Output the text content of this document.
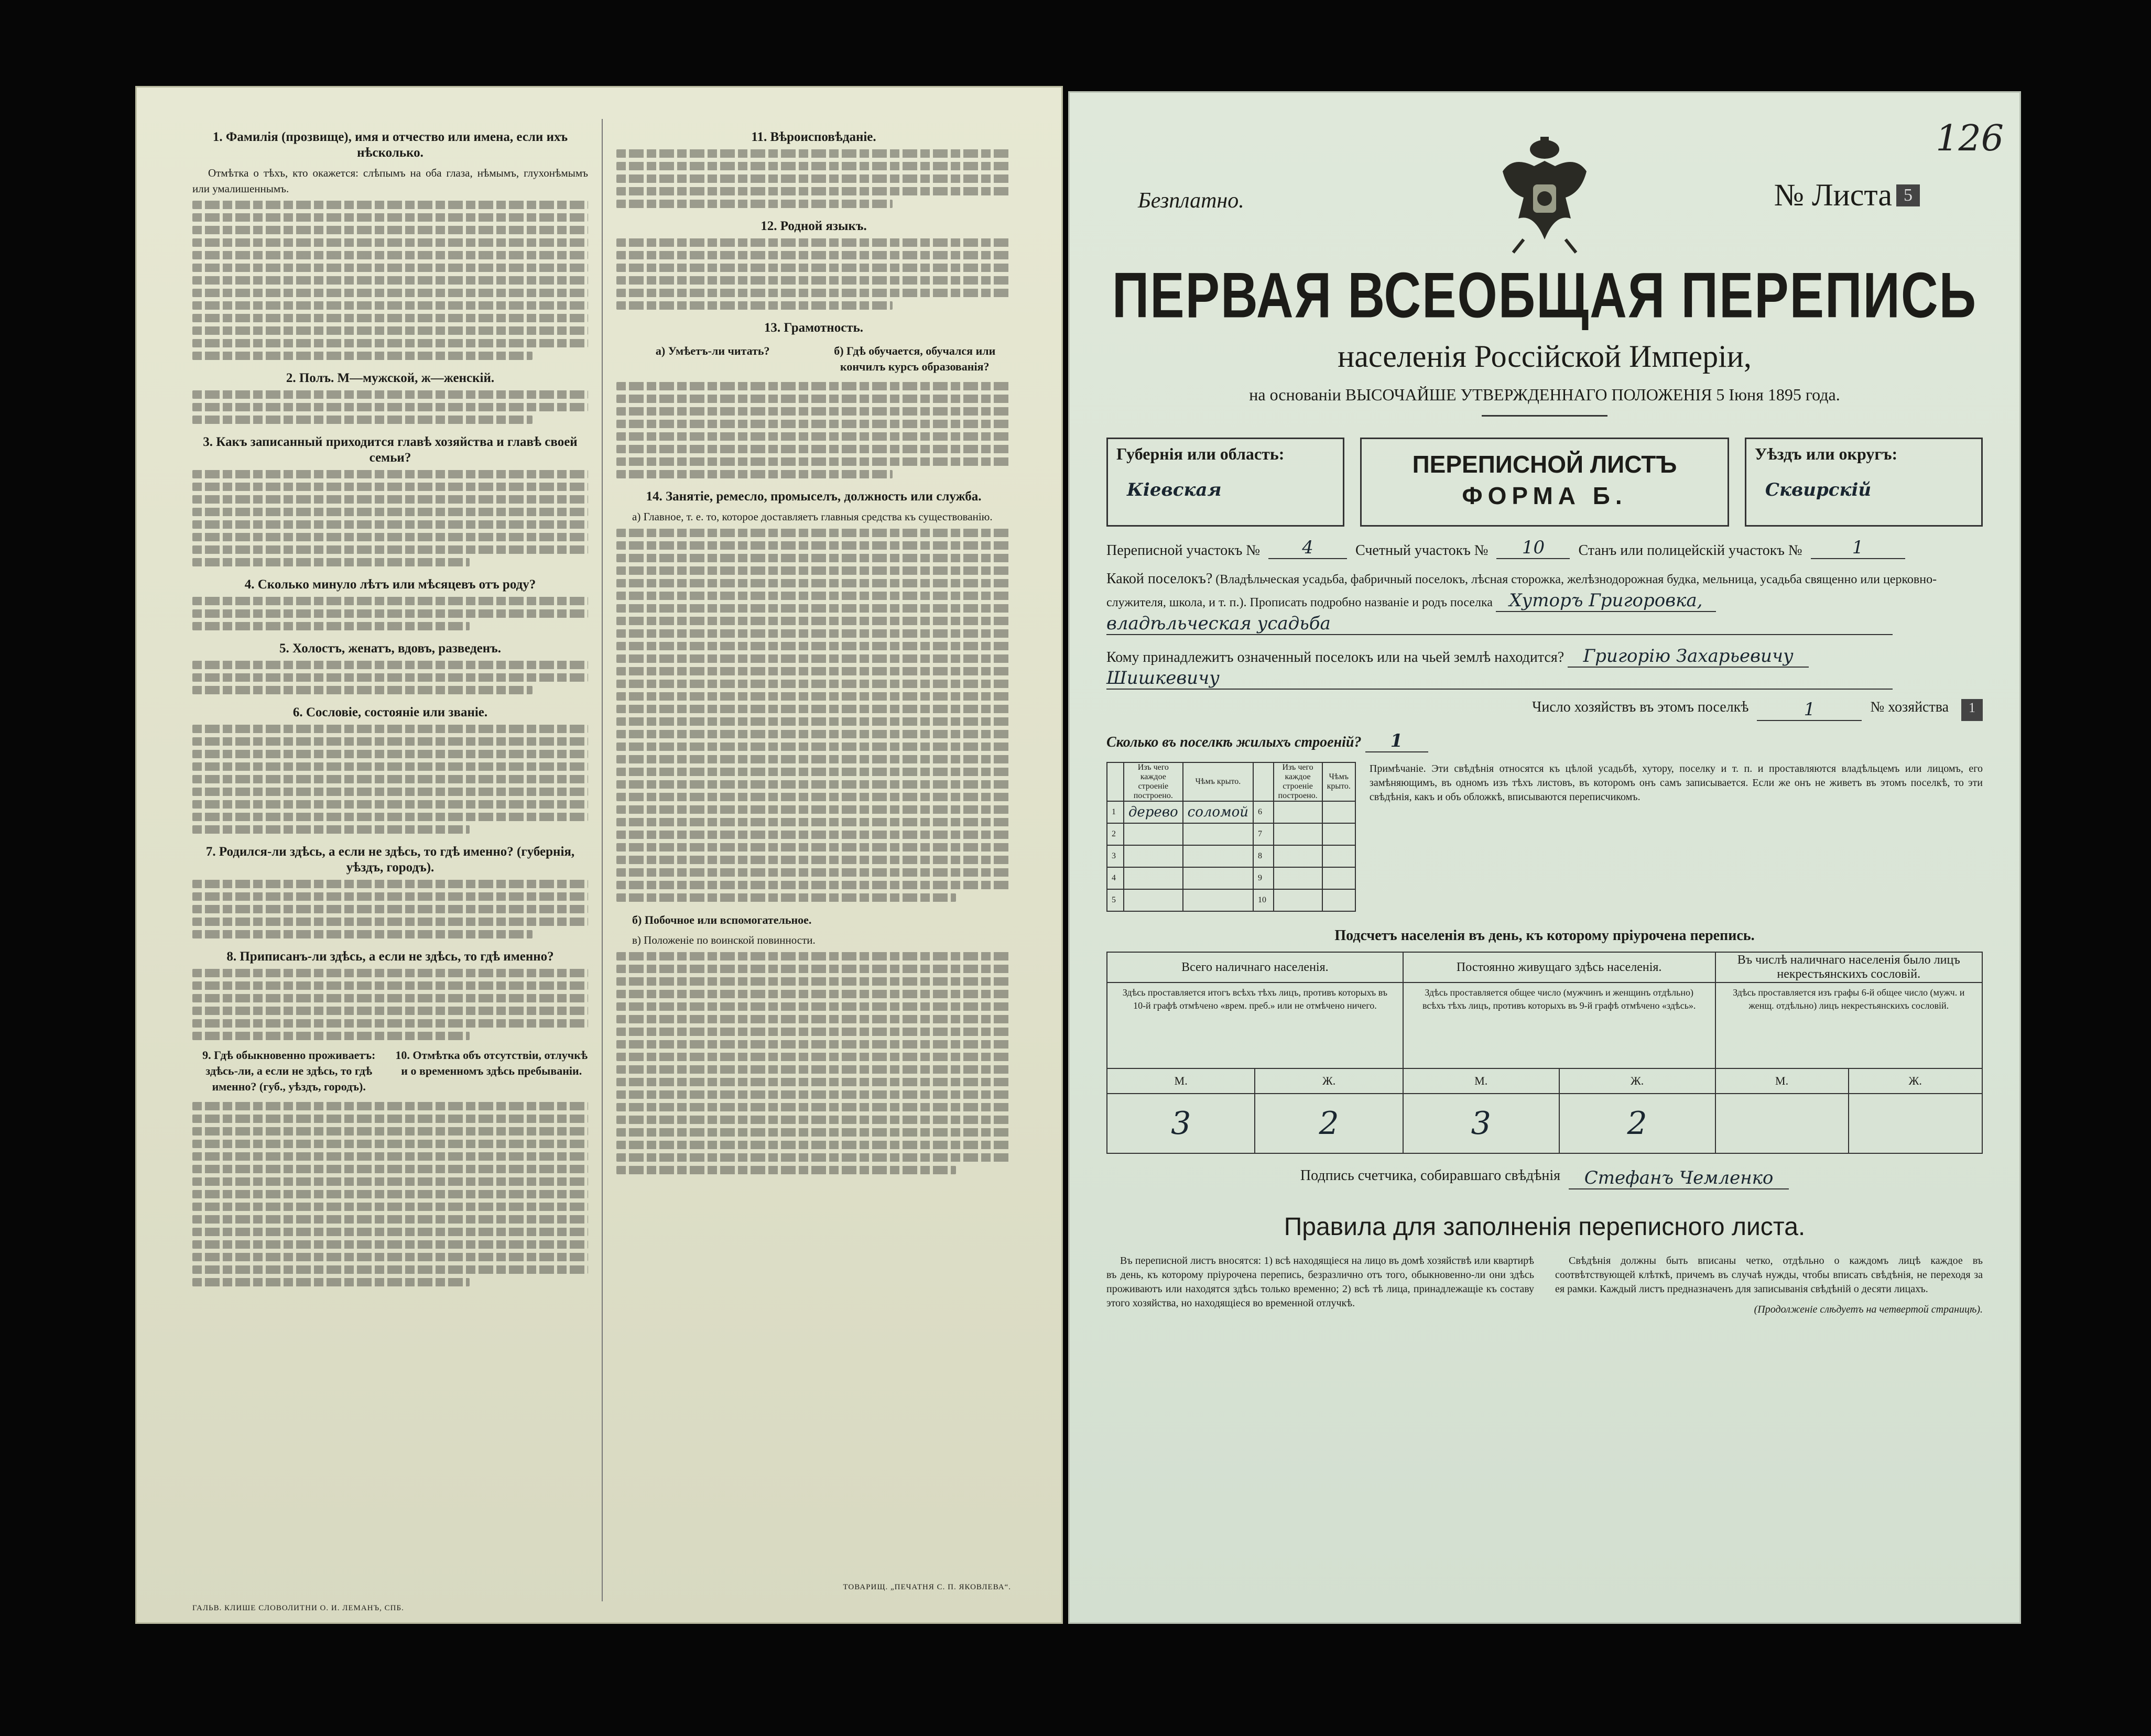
1. Фамилія (прозвище), имя и отчество или имена, если ихъ нѣсколько.
Отмѣтка о тѣхъ, кто окажется: слѣпымъ на оба глаза, нѣмымъ, глухонѣмымъ или умалишеннымъ.
2. Полъ. М—мужской, ж—женскій.
3. Какъ записанный приходится главѣ хозяйства и главѣ своей семьи?
4. Сколько минуло лѣтъ или мѣсяцевъ отъ роду?
5. Холостъ, женатъ, вдовъ, разведенъ.
6. Сословіе, состояніе или званіе.
7. Родился-ли здѣсь, а если не здѣсь, то гдѣ именно? (губернія, уѣздъ, городъ).
8. Приписанъ-ли здѣсь, а если не здѣсь, то гдѣ именно?
9. Гдѣ обыкновенно проживаетъ: здѣсь-ли, а если не здѣсь, то гдѣ именно? (губ., уѣздъ, городъ).
10. Отмѣтка объ отсутствіи, отлучкѣ и о временномъ здѣсь пребываніи.
ГАЛЬВ. КЛИШЕ СЛОВОЛИТНИ О. И. ЛЕМАНЪ, СПБ.
11. Вѣроисповѣданіе.
12. Родной языкъ.
13. Грамотность.
а) Умѣетъ-ли читать?	б) Гдѣ обучается, обучался или кончилъ курсъ образованія?
14. Занятіе, ремесло, промыселъ, должность или служба.
а) Главное, т. е. то, которое доставляетъ главныя средства къ существованію.
б) Побочное или вспомогательное.
в) Положеніе по воинской повинности.
ТОВАРИЩ. „ПЕЧАТНЯ С. П. ЯКОВЛЕВА“.
126
Безплатно.	№ Листа 5
ПЕРВАЯ ВСЕОБЩАЯ ПЕРЕПИСЬ
населенія Россійской Имперіи,
на основаніи ВЫСОЧАЙШЕ УТВЕРЖДЕННАГО ПОЛОЖЕНІЯ 5 Іюня 1895 года.
Губернія или область:
Кіевская
ПЕРЕПИСНОЙ ЛИСТЪ
ФОРМА Б.
Уѣздъ или округъ:
Сквирскій
Переписной участокъ №	4	Счетный участокъ №	10	Станъ или полицейскій участокъ №	1
Какой поселокъ? (Владѣльческая усадьба, фабричный поселокъ, лѣсная сторожка, желѣзнодорожная будка, мельница, усадьба священно или церковно-служителя, школа, и т. п.). Прописать подробно названіе и родъ поселка Хуторъ Григоровка,
владѣльческая усадьба
Кому принадлежитъ означенный поселокъ или на чьей землѣ находится? Григорію Захарьевичу
Шишкевичу
Число хозяйствъ въ этомъ поселкѣ	1	№ хозяйства	1
Сколько въ поселкѣ жилыхъ строеній? 1
	Изъ чего каждое строеніе построено.	Чѣмъ крыто.		Изъ чего каждое строеніе построено.	Чѣмъ крыто.
1	дерево	соломой	6		
2			7		
3			8		
4			9		
5			10		
Примѣчаніе. Эти свѣдѣнія относятся къ цѣлой усадьбѣ, хутору, поселку и т. п. и проставляются владѣльцемъ или лицомъ, его замѣняющимъ, въ одномъ изъ тѣхъ листовъ, въ которомъ онъ самъ записывается. Если же онъ не живетъ въ этомъ поселкѣ, то эти свѣдѣнія, какъ и объ обложкѣ, вписываются переписчикомъ.
Подсчетъ населенія въ день, къ которому пріурочена перепись.
Всего наличнаго населенія.		Постоянно живущаго здѣсь населенія.		Въ числѣ наличнаго населенія было лицъ некрестьянскихъ сословій.	
Здѣсь проставляется итогъ всѣхъ тѣхъ лицъ, противъ которыхъ въ 10-й графѣ отмѣчено «врем. преб.» или не отмѣчено ничего.		Здѣсь проставляется общее число (мужчинъ и женщинъ отдѣльно) всѣхъ тѣхъ лицъ, противъ которыхъ въ 9-й графѣ отмѣчено «здѣсь».		Здѣсь проставляется изъ графы 6-й общее число (мужч. и женщ. отдѣльно) лицъ некрестьянскихъ сословій.	
М.	Ж.	М.	Ж.	М.	Ж.
3	2	3	2		
Подпись счетчика, собиравшаго свѣдѣнія	Стефанъ Чемленко
Правила для заполненія переписного листа.
Въ переписной листъ вносятся: 1) всѣ находящіеся на лицо въ домѣ хозяйствѣ или квартирѣ въ день, къ которому пріурочена перепись, безразлично отъ того, обыкновенно-ли они здѣсь проживаютъ или находятся здѣсь только временно; 2) всѣ тѣ лица, принадлежащіе къ составу этого хозяйства, но находящіеся во временной отлучкѣ.
Свѣдѣнія должны быть вписаны четко, отдѣльно о каждомъ лицѣ каждое въ соотвѣтствующей клѣткѣ, причемъ въ случаѣ нужды, чтобы вписать свѣдѣнія, не переходя за ея рамки. Каждый листъ предназначенъ для записыванія свѣдѣній о десяти лицахъ.
(Продолженіе слѣдуетъ на четвертой страницѣ).
